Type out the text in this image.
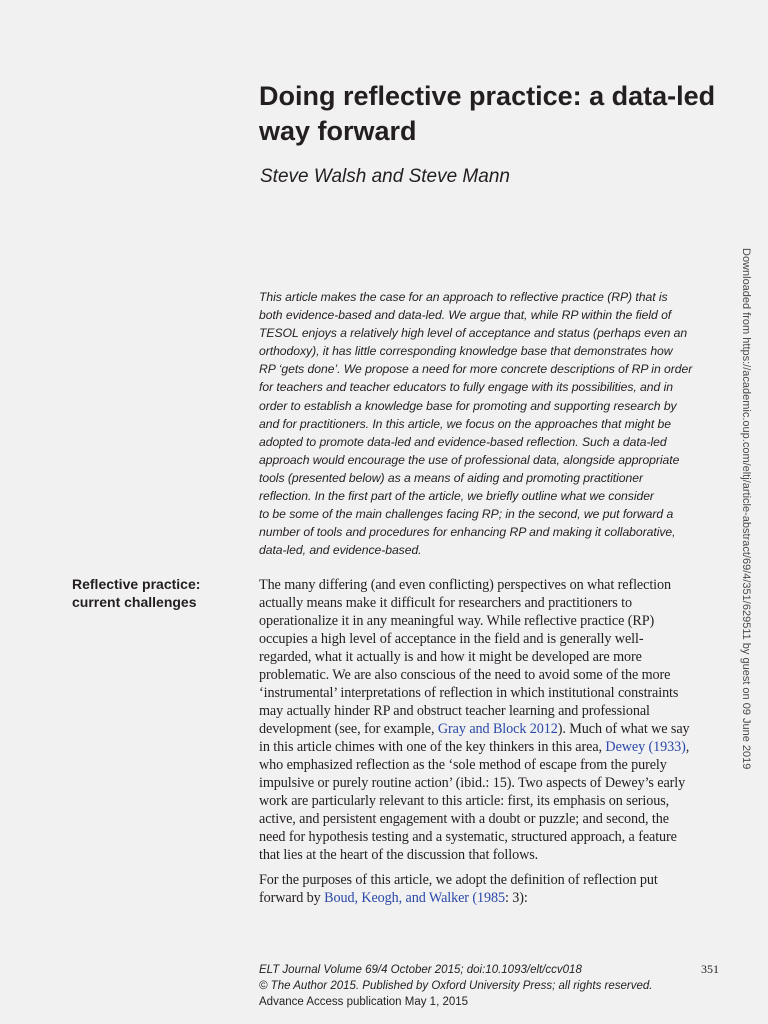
Doing reflective practice: a data-led way forward
Steve Walsh and Steve Mann
This article makes the case for an approach to reflective practice (RP) that is
both evidence-based and data-led. We argue that, while RP within the field of
TESOL enjoys a relatively high level of acceptance and status (perhaps even an
orthodoxy), it has little corresponding knowledge base that demonstrates how
RP ‘gets done’. We propose a need for more concrete descriptions of RP in order
for teachers and teacher educators to fully engage with its possibilities, and in
order to establish a knowledge base for promoting and supporting research by
and for practitioners. In this article, we focus on the approaches that might be
adopted to promote data-led and evidence-based reflection. Such a data-led
approach would encourage the use of professional data, alongside appropriate
tools (presented below) as a means of aiding and promoting practitioner
reflection. In the first part of the article, we briefly outline what we consider
to be some of the main challenges facing RP; in the second, we put forward a
number of tools and procedures for enhancing RP and making it collaborative,
data-led, and evidence-based.
Reflective practice: current challenges

The many differing (and even conflicting) perspectives on what reflection
actually means make it difficult for researchers and practitioners to
operationalize it in any meaningful way. While reflective practice (RP)
occupies a high level of acceptance in the field and is generally well-
regarded, what it actually is and how it might be developed are more
problematic. We are also conscious of the need to avoid some of the more
‘instrumental’ interpretations of reflection in which institutional constraints
may actually hinder RP and obstruct teacher learning and professional
development (see, for example, Gray and Block 2012). Much of what we say
in this article chimes with one of the key thinkers in this area, Dewey (1933),
who emphasized reflection as the ‘sole method of escape from the purely
impulsive or purely routine action’ (ibid.: 15). Two aspects of Dewey’s early
work are particularly relevant to this article: first, its emphasis on serious,
active, and persistent engagement with a doubt or puzzle; and second, the
need for hypothesis testing and a systematic, structured approach, a feature
that lies at the heart of the discussion that follows.

For the purposes of this article, we adopt the definition of reflection put
forward by Boud, Keogh, and Walker (1985: 3):

ELT Journal Volume 69/4 October 2015; doi:10.1093/elt/ccv018
© The Author 2015. Published by Oxford University Press; all rights reserved.
Advance Access publication May 1, 2015
351
Downloaded from https://academic.oup.com/eltj/article-abstract/69/4/351/629511 by guest on 09 June 2019
